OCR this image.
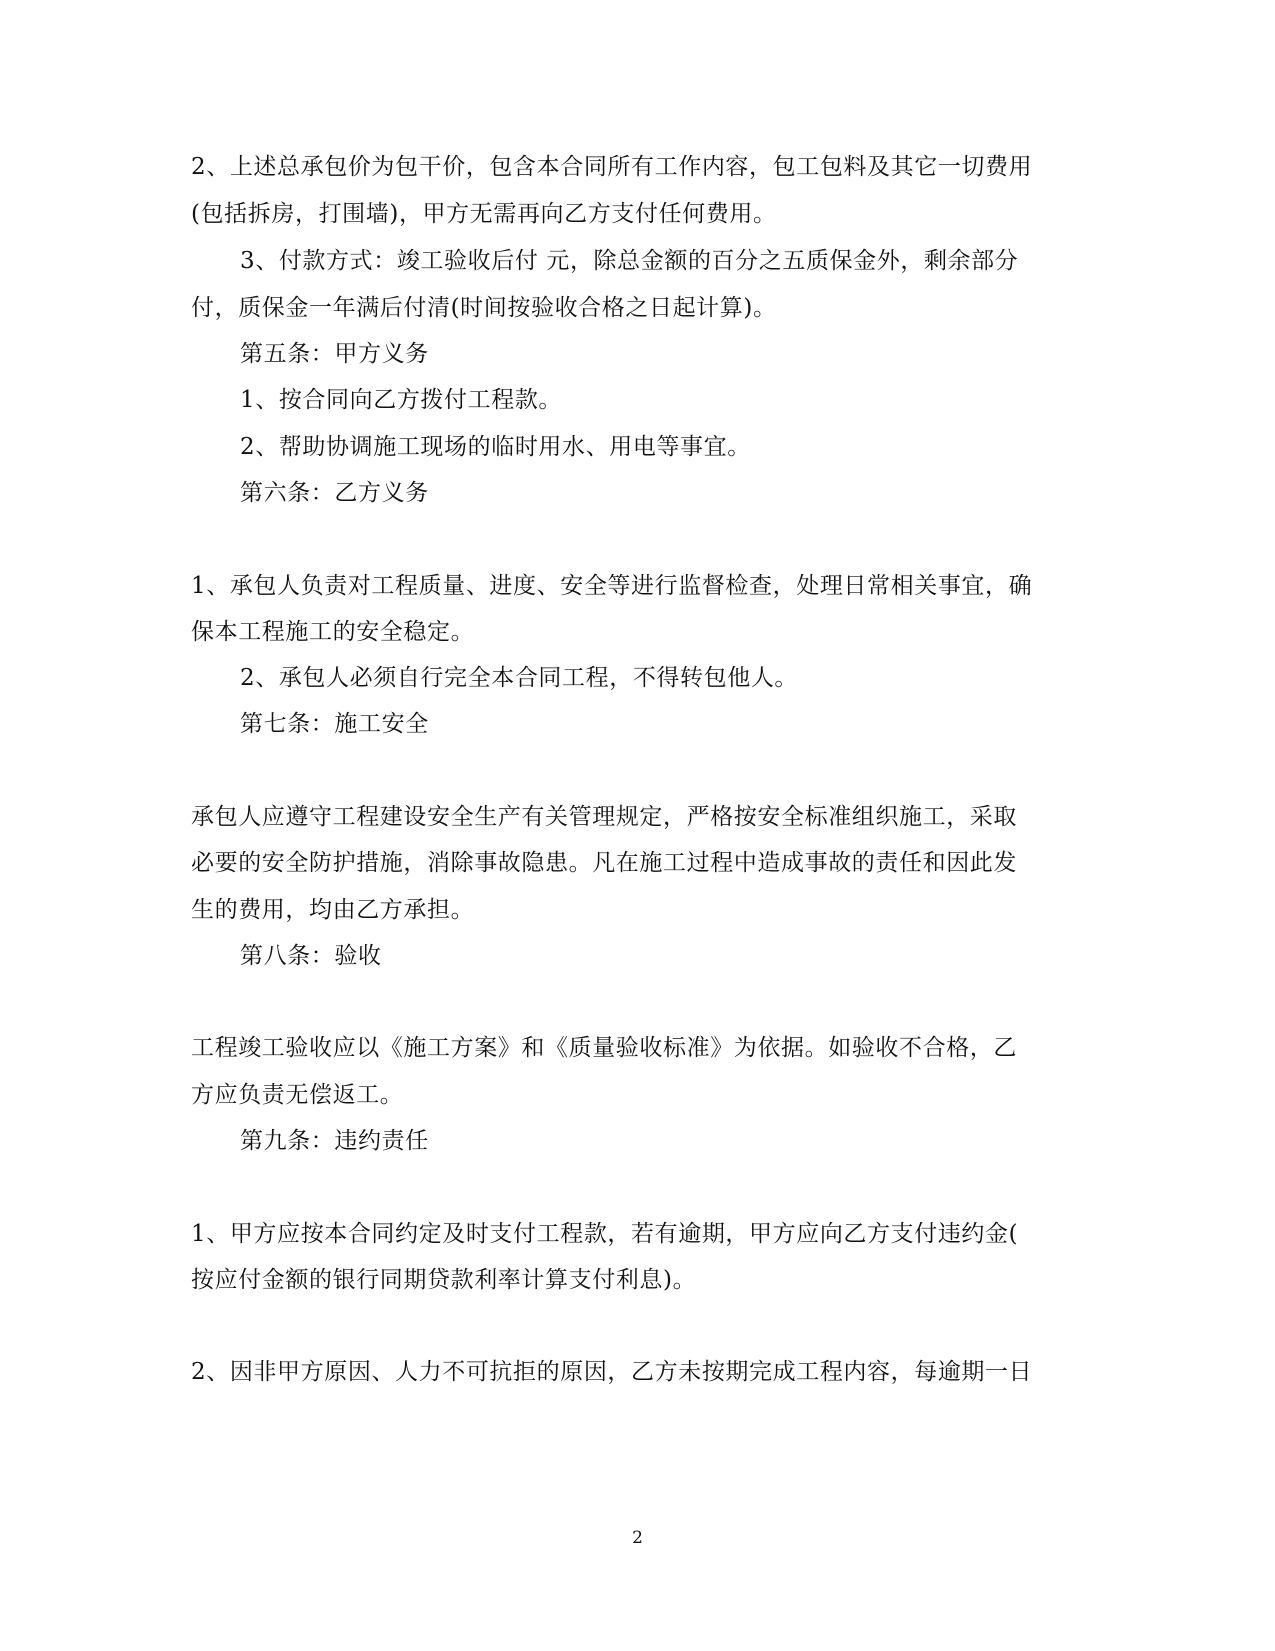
2、上述总承包价为包干价，包含本合同所有工作内容，包工包料及其它一切费用
(包括拆房，打围墙)，甲方无需再向乙方支付任何费用。
3、付款方式：竣工验收后付 元，除总金额的百分之五质保金外，剩余部分
付，质保金一年满后付清(时间按验收合格之日起计算)。
第五条：甲方义务
1、按合同向乙方拨付工程款。
2、帮助协调施工现场的临时用水、用电等事宜。
第六条：乙方义务
1、承包人负责对工程质量、进度、安全等进行监督检查，处理日常相关事宜，确
保本工程施工的安全稳定。
2、承包人必须自行完全本合同工程，不得转包他人。
第七条：施工安全
承包人应遵守工程建设安全生产有关管理规定，严格按安全标准组织施工，采取
必要的安全防护措施，消除事故隐患。凡在施工过程中造成事故的责任和因此发
生的费用，均由乙方承担。
第八条：验收
工程竣工验收应以《施工方案》和《质量验收标准》为依据。如验收不合格，乙
方应负责无偿返工。
第九条：违约责任
1、甲方应按本合同约定及时支付工程款，若有逾期，甲方应向乙方支付违约金(
按应付金额的银行同期贷款利率计算支付利息)。
2、因非甲方原因、人力不可抗拒的原因，乙方未按期完成工程内容，每逾期一日
2
